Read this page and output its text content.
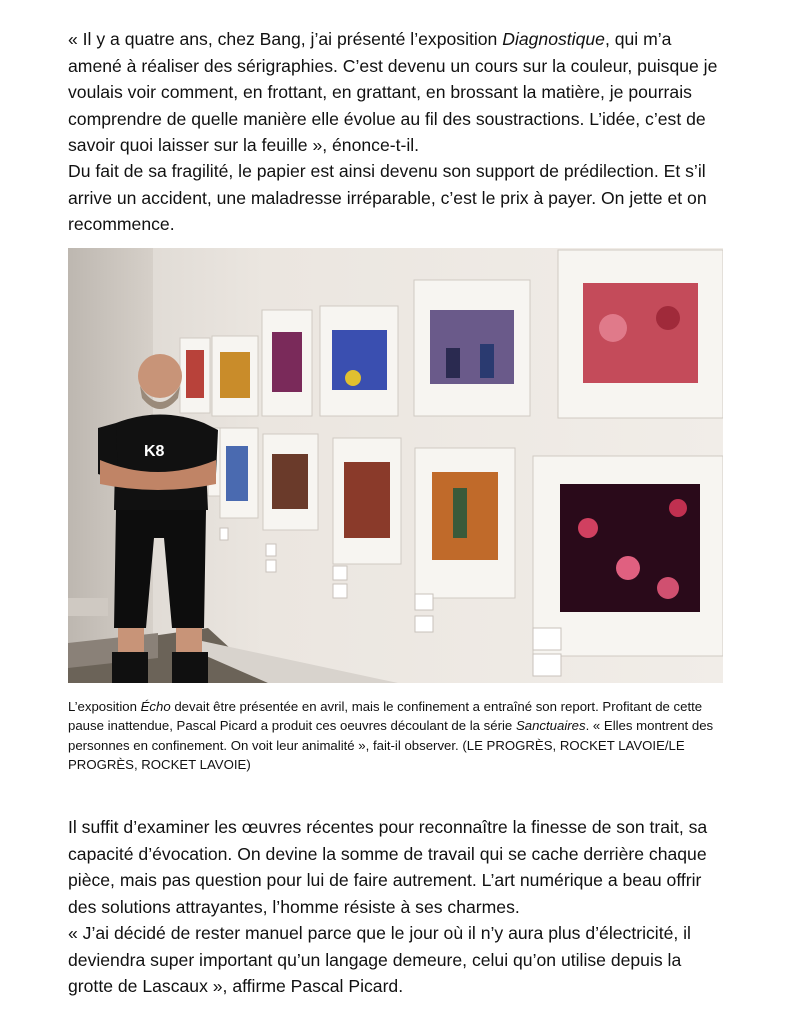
« Il y a quatre ans, chez Bang, j’ai présenté l’exposition Diagnostique, qui m’a amené à réaliser des sérigraphies. C’est devenu un cours sur la couleur, puisque je voulais voir comment, en frottant, en grattant, en brossant la matière, je pourrais comprendre de quelle manière elle évolue au fil des soustractions. L’idée, c’est de savoir quoi laisser sur la feuille », énonce-t-il.

Du fait de sa fragilité, le papier est ainsi devenu son support de prédilection. Et s’il arrive un accident, une maladresse irréparable, c’est le prix à payer. On jette et on recommence.

K8

L’exposition Écho devait être présentée en avril, mais le confinement a entraîné son report. Profitant de cette pause inattendue, Pascal Picard a produit ces oeuvres découlant de la série Sanctuaires. « Elles montrent des personnes en confinement. On voit leur animalité », fait-il observer. (LE PROGRÈS, ROCKET LAVOIE/LE PROGRÈS, ROCKET LAVOIE)

Il suffit d’examiner les œuvres récentes pour reconnaître la finesse de son trait, sa capacité d’évocation. On devine la somme de travail qui se cache derrière chaque pièce, mais pas question pour lui de faire autrement. L’art numérique a beau offrir des solutions attrayantes, l’homme résiste à ses charmes.

« J’ai décidé de rester manuel parce que le jour où il n’y aura plus d’électricité, il deviendra super important qu’un langage demeure, celui qu’on utilise depuis la grotte de Lascaux », affirme Pascal Picard.
